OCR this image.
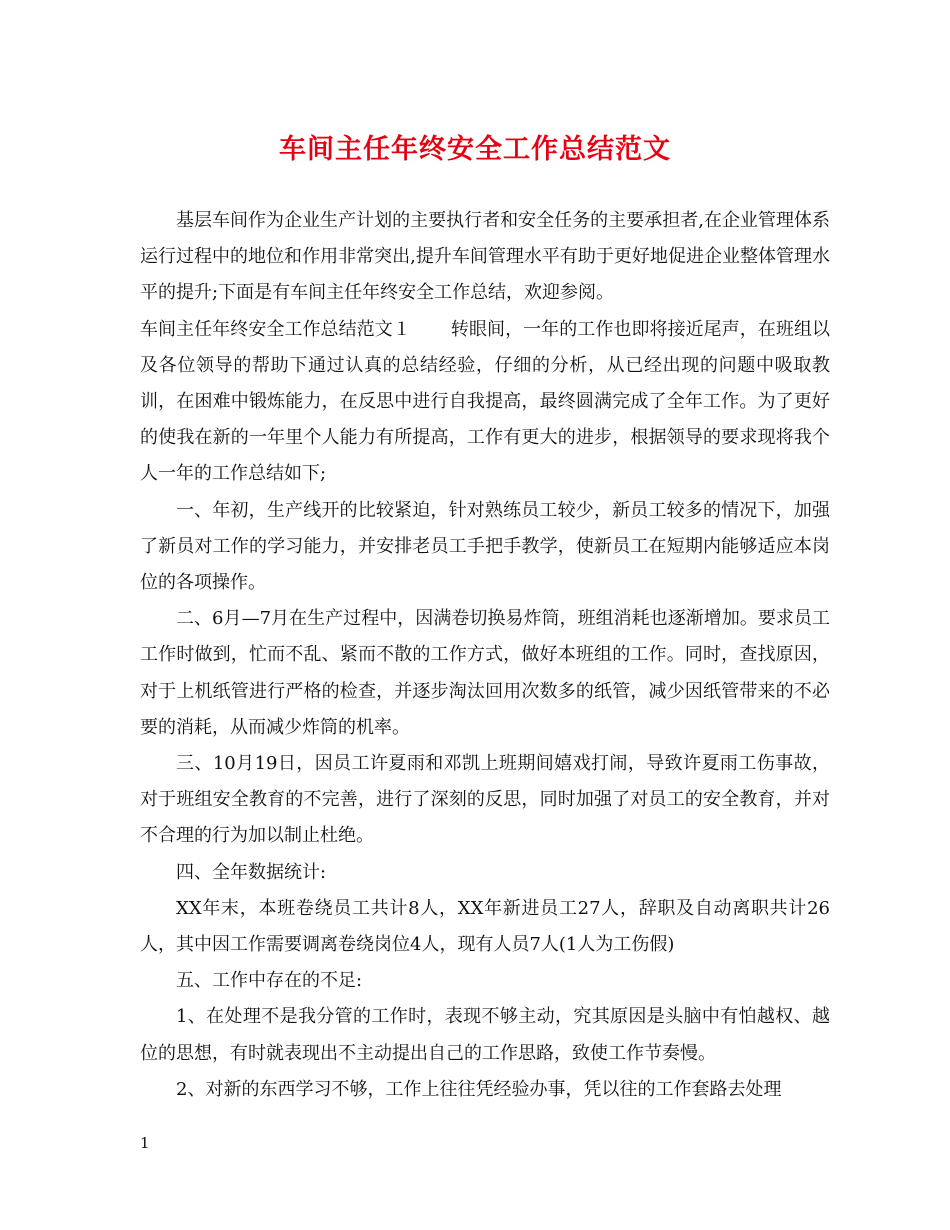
车间主任年终安全工作总结范文

基层车间作为企业生产计划的主要执行者和安全任务的主要承担者,在企业管理体系运行过程中的地位和作用非常突出,提升车间管理水平有助于更好地促进企业整体管理水平的提升;下面是有车间主任年终安全工作总结，欢迎参阅。

车间主任年终安全工作总结范文１ 转眼间，一年的工作也即将接近尾声，在班组以及各位领导的帮助下通过认真的总结经验，仔细的分析，从已经出现的问题中吸取教训，在困难中锻炼能力，在反思中进行自我提高，最终圆满完成了全年工作。为了更好的使我在新的一年里个人能力有所提高，工作有更大的进步，根据领导的要求现将我个人一年的工作总结如下;

一、年初，生产线开的比较紧迫，针对熟练员工较少，新员工较多的情况下，加强了新员对工作的学习能力，并安排老员工手把手教学，使新员工在短期内能够适应本岗位的各项操作。

二、6月—7月在生产过程中，因满卷切换易炸筒，班组消耗也逐渐增加。要求员工工作时做到，忙而不乱、紧而不散的工作方式，做好本班组的工作。同时，查找原因，对于上机纸管进行严格的检查，并逐步淘汰回用次数多的纸管，减少因纸管带来的不必要的消耗，从而减少炸筒的机率。

三、10月19日，因员工许夏雨和邓凯上班期间嬉戏打闹，导致许夏雨工伤事故，对于班组安全教育的不完善，进行了深刻的反思，同时加强了对员工的安全教育，并对不合理的行为加以制止杜绝。

四、全年数据统计:

XX年末，本班卷绕员工共计8人，XX年新进员工27人，辞职及自动离职共计26人，其中因工作需要调离卷绕岗位4人，现有人员7人(1人为工伤假)

五、工作中存在的不足:

1、在处理不是我分管的工作时，表现不够主动，究其原因是头脑中有怕越权、越位的思想，有时就表现出不主动提出自己的工作思路，致使工作节奏慢。

2、对新的东西学习不够，工作上往往凭经验办事，凭以往的工作套路去处理

1
